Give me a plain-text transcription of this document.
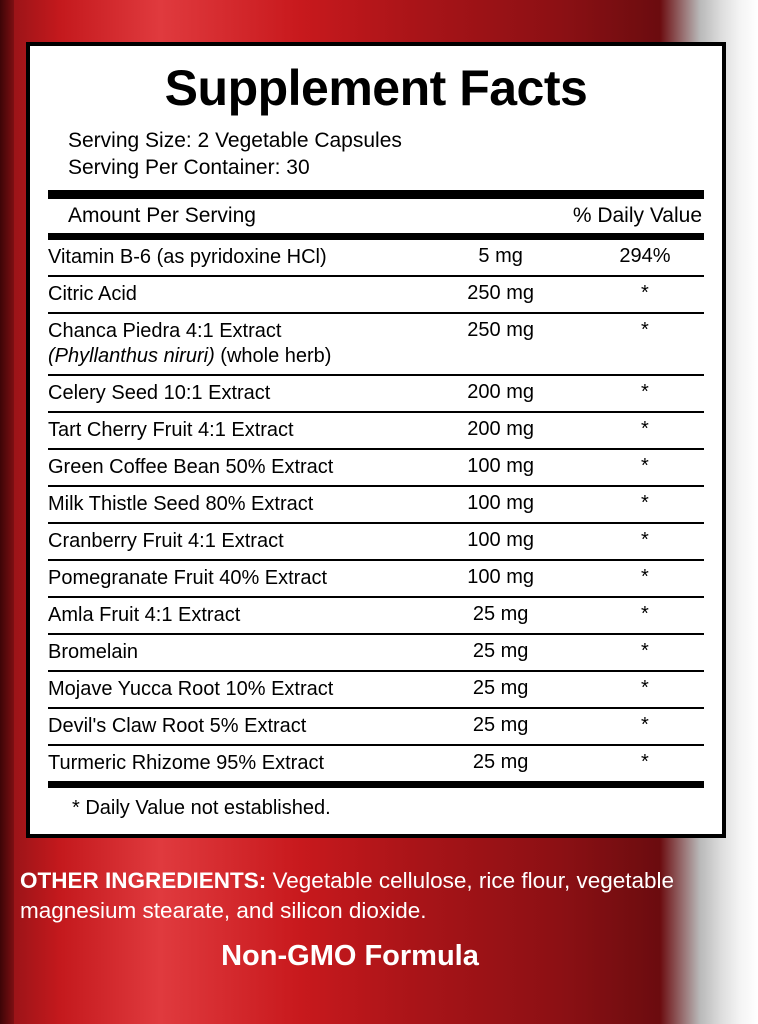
Supplement Facts
Serving Size: 2 Vegetable Capsules
Serving Per Container: 30
Amount Per Serving	% Daily Value
Vitamin B-6 (as pyridoxine HCl)	5 mg	294%
Citric Acid	250 mg	*
Chanca Piedra 4:1 Extract
(Phyllanthus niruri) (whole herb)	250 mg	*
Celery Seed 10:1 Extract	200 mg	*
Tart Cherry Fruit 4:1 Extract	200 mg	*
Green Coffee Bean 50% Extract	100 mg	*
Milk Thistle Seed 80% Extract	100 mg	*
Cranberry Fruit 4:1 Extract	100 mg	*
Pomegranate Fruit 40% Extract	100 mg	*
Amla Fruit 4:1 Extract	25 mg	*
Bromelain	25 mg	*
Mojave Yucca Root 10% Extract	25 mg	*
Devil's Claw Root 5% Extract	25 mg	*
Turmeric Rhizome 95% Extract	25 mg	*
* Daily Value not established.
OTHER INGREDIENTS: Vegetable cellulose, rice flour, vegetable magnesium stearate, and silicon dioxide.
Non-GMO Formula
